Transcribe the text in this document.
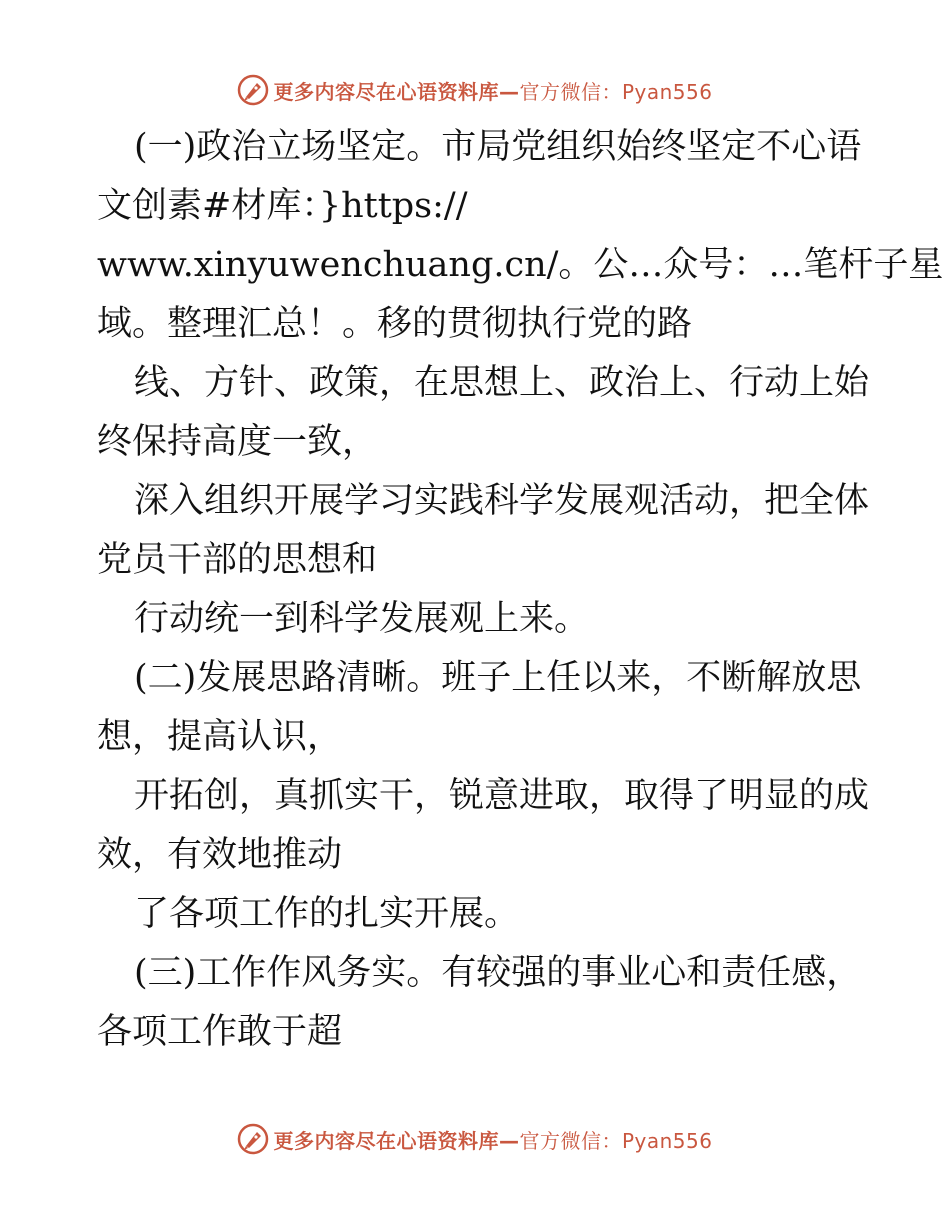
更多内容尽在心语资料库—官方微信：Pyan556
(一)政治立场坚定。市局党组织始终坚定不心语
文创素#材库：}https://
www.xinyuwenchuang.cn/。公…众号：…笔杆子星
域。整理汇总！。移的贯彻执行党的路
线、方针、政策，在思想上、政治上、行动上始
终保持高度一致，
深入组织开展学习实践科学发展观活动，把全体
党员干部的思想和
行动统一到科学发展观上来。
(二)发展思路清晰。班子上任以来，不断解放思
想，提高认识，
开拓创，真抓实干，锐意进取，取得了明显的成
效，有效地推动
了各项工作的扎实开展。
(三)工作作风务实。有较强的事业心和责任感，
各项工作敢于超
更多内容尽在心语资料库—官方微信：Pyan556
